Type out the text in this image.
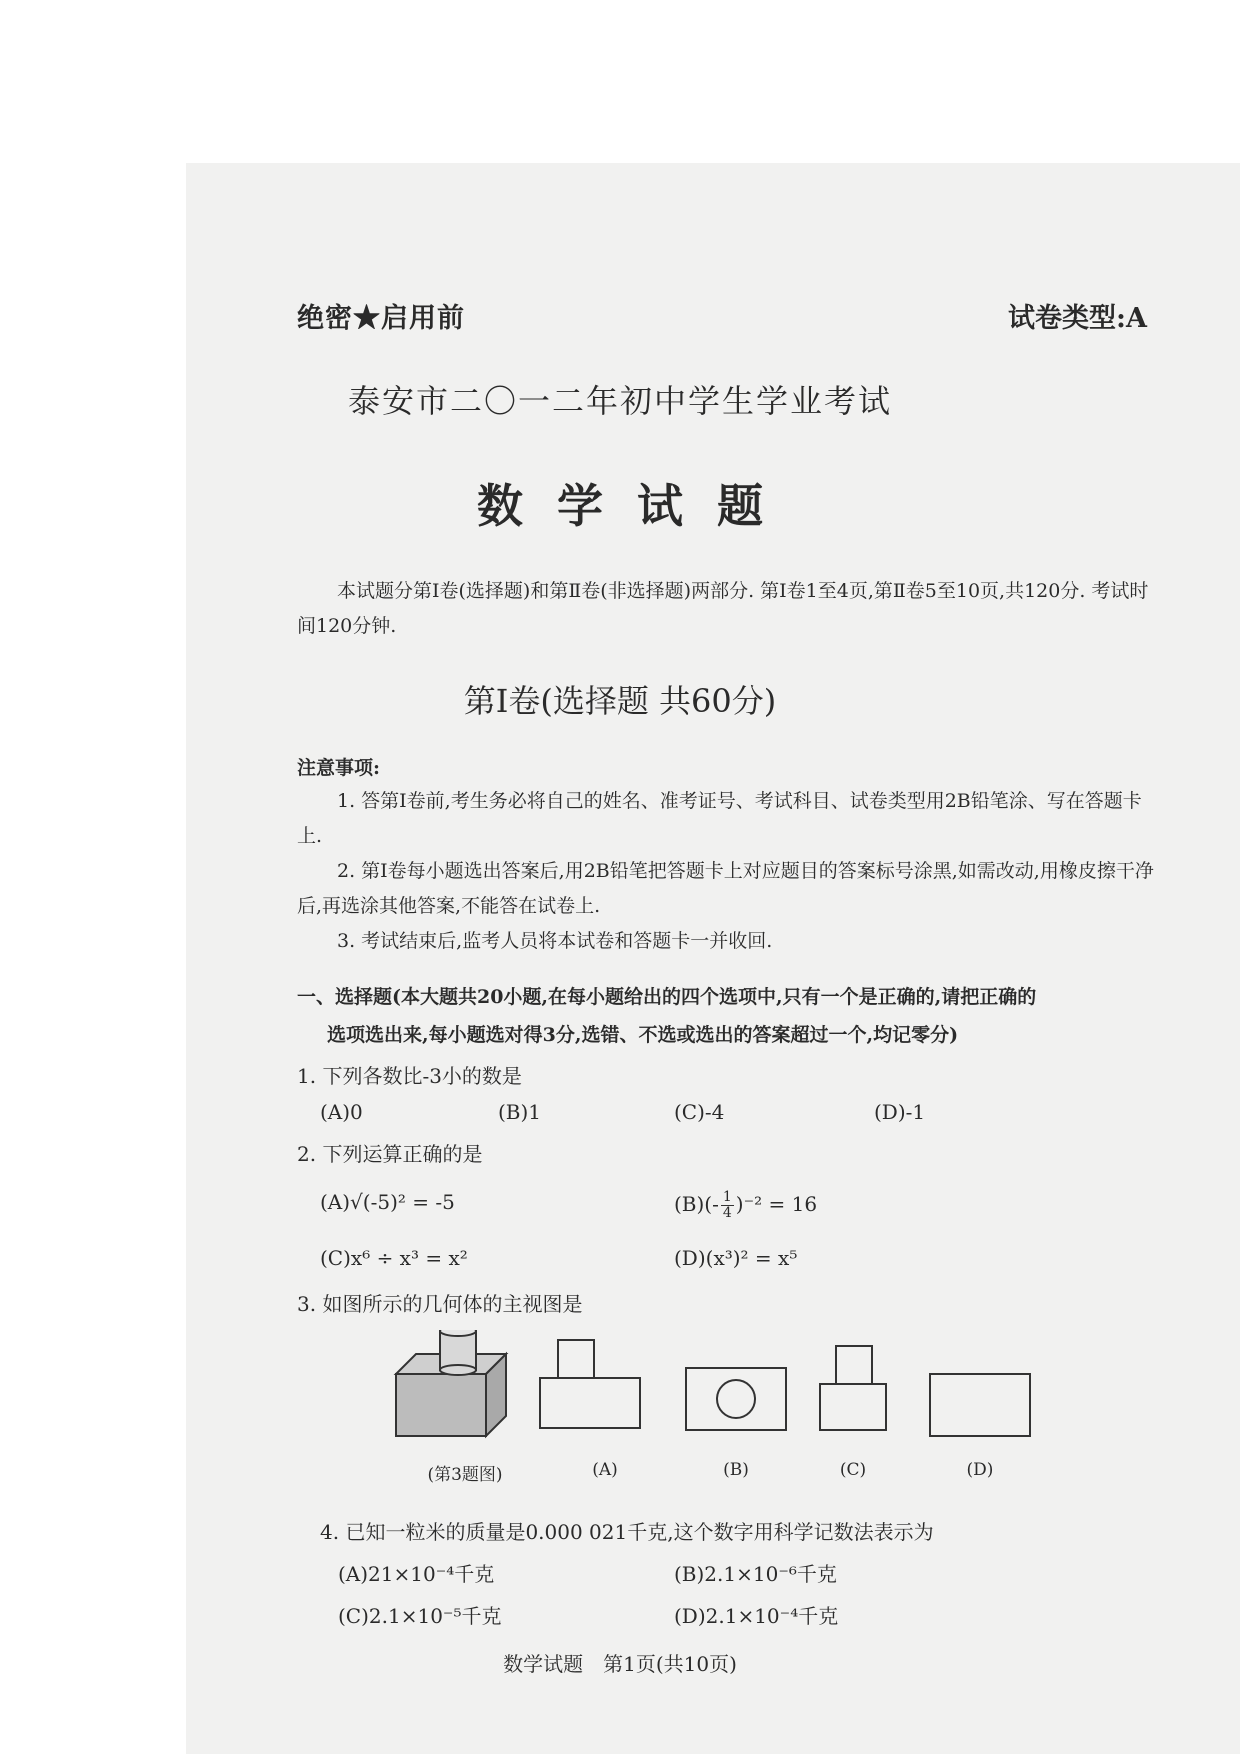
绝密★启用前	试卷类型:A
泰安市二〇一二年初中学生学业考试
数学试题
本试题分第Ⅰ卷(选择题)和第Ⅱ卷(非选择题)两部分. 第Ⅰ卷1至4页,第Ⅱ卷5至10页,共120分. 考试时间120分钟.
第Ⅰ卷(选择题 共60分)
注意事项:
1. 答第Ⅰ卷前,考生务必将自己的姓名、准考证号、考试科目、试卷类型用2B铅笔涂、写在答题卡上.
2. 第Ⅰ卷每小题选出答案后,用2B铅笔把答题卡上对应题目的答案标号涂黑,如需改动,用橡皮擦干净后,再选涂其他答案,不能答在试卷上.
3. 考试结束后,监考人员将本试卷和答题卡一并收回.
一、选择题(本大题共20小题,在每小题给出的四个选项中,只有一个是正确的,请把正确的
选项选出来,每小题选对得3分,选错、不选或选出的答案超过一个,均记零分)
1. 下列各数比-3小的数是
(A)0	(B)1	(C)-4	(D)-1
2. 下列运算正确的是
(A)√(-5)² = -5	$(B)(- \frac{1}{4} )^{-2} = 16$
(C)x⁶ ÷ x³ = x²	(D)(x³)² = x⁵
3. 如图所示的几何体的主视图是
(第3题图)	(A)	(B)	(C)	(D)
4. 已知一粒米的质量是0.000 021千克,这个数字用科学记数法表示为
(A)21×10⁻⁴千克	(B)2.1×10⁻⁶千克
(C)2.1×10⁻⁵千克	(D)2.1×10⁻⁴千克
数学试题　第1页(共10页)
